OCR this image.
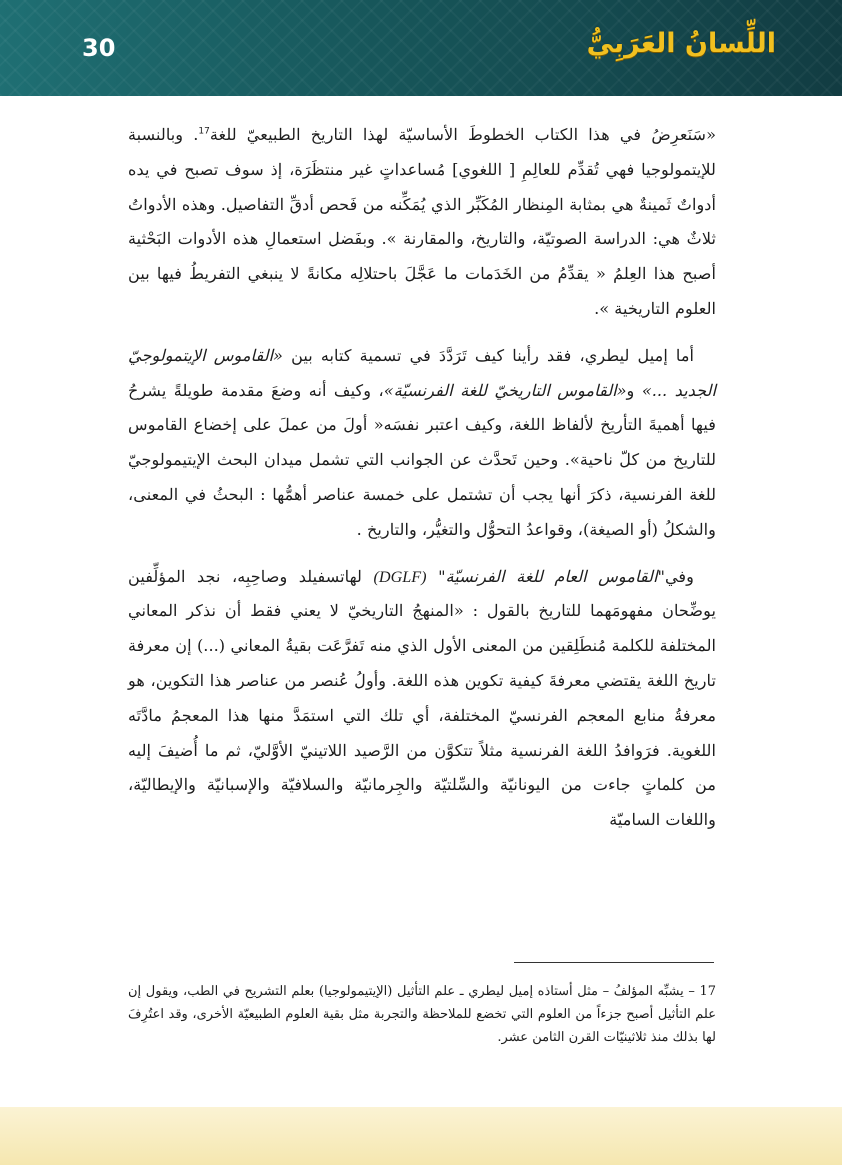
30	اللِّسانُ العَرَبِيُّ

«سَنَعرِضُ في هذا الكتاب الخطوطَ الأساسيّة لهذا التاريخ الطبيعيّ للغة$^{17}$. وبالنسبة للإيتمولوجيا فهي تُقدِّم للعالِمِ [ اللغوي] مُساعداتٍ غير منتظَرَة، إذ سوف تصبح في يده أدواتٌ ثَمينةٌ هي بمثابة المِنظار المُكَبِّر الذي يُمَكِّنه من فَحص أدقِّ التفاصيل. وهذه الأدواتُ ثلاثٌ هي: الدراسة الصوتيّة، والتاريخ، والمقارنة ». وبفَضل استعمالِ هذه الأدوات البَحْثية أصبح هذا العِلمُ « يقدِّمُ من الخَدَمات ما عَجَّلَ باحتلالِه مكانةً لا ينبغي التفريطُ فيها بين العلوم التاريخية ».

أما إميل ليطري، فقد رأينا كيف تَرَدَّدَ في تسمية كتابه بين «القاموس الإيتمولوجيّ الجديد ...» و«القاموس التاريخيّ للغة الفرنسيّة»، وكيف أنه وضعَ مقدمة طويلةً يشرحُ فيها أهميةَ التأريخ لألفاظ اللغة، وكيف اعتبر نفسَه« أولَ من عملَ على إخضاع القاموس للتاريخ من كلّ ناحية». وحين تَحدَّث عن الجوانب التي تشمل ميدان البحث الإيتيمولوجيّ للغة الفرنسية، ذكرَ أنها يجب أن تشتمل على خمسة عناصر أهمُّها : البحثُ في المعنى، والشكلُ (أو الصيغة)، وقواعدُ التحوُّل والتغيُّر، والتاريخ .

وفي"القاموس العام للغة الفرنسيّة" (DGLF) لهاتسفيلد وصاحِبِه، نجد المؤلِّفين يوضِّحان مفهومَهما للتاريخ بالقول : «المنهجُ التاريخيّ لا يعني فقط أن نذكر المعاني المختلفة للكلمة مُنطَلِقين من المعنى الأول الذي منه تَفرَّعَت بقيةُ المعاني (...) إن معرفة تاريخ اللغة يقتضي معرفةَ كيفية تكوين هذه اللغة. وأولُ عُنصر من عناصر هذا التكوين، هو معرفةُ منابع المعجم الفرنسيّ المختلفة، أي تلك التي استمَدَّ منها هذا المعجمُ مادَّتَه اللغوية. فرَوافدُ اللغة الفرنسية مثلاً تتكوَّن من الرَّصيد اللاتينيّ الأوَّليّ، ثم ما أُضيفَ إليه من كلماتٍ جاءت من اليونانيّة والسِّلتيّة والجِرمانيّة والسلافيّة والإسبانيّة والإيطاليّة، واللغات الساميّة

17 – يشبِّه المؤلفُ – مثل أستاذه إميل ليطري ـ علم التأثيل (الإيتيمولوجيا) بعلم التشريح في الطب، ويقول إن علم التأثيل أصبح جزءاً من العلوم التي تخضع للملاحظة والتجربة مثل بقية العلوم الطبيعيّة الأخرى، وقد اعتُرِفَ لها بذلك منذ ثلاثينيّات القرن الثامن عشر.
